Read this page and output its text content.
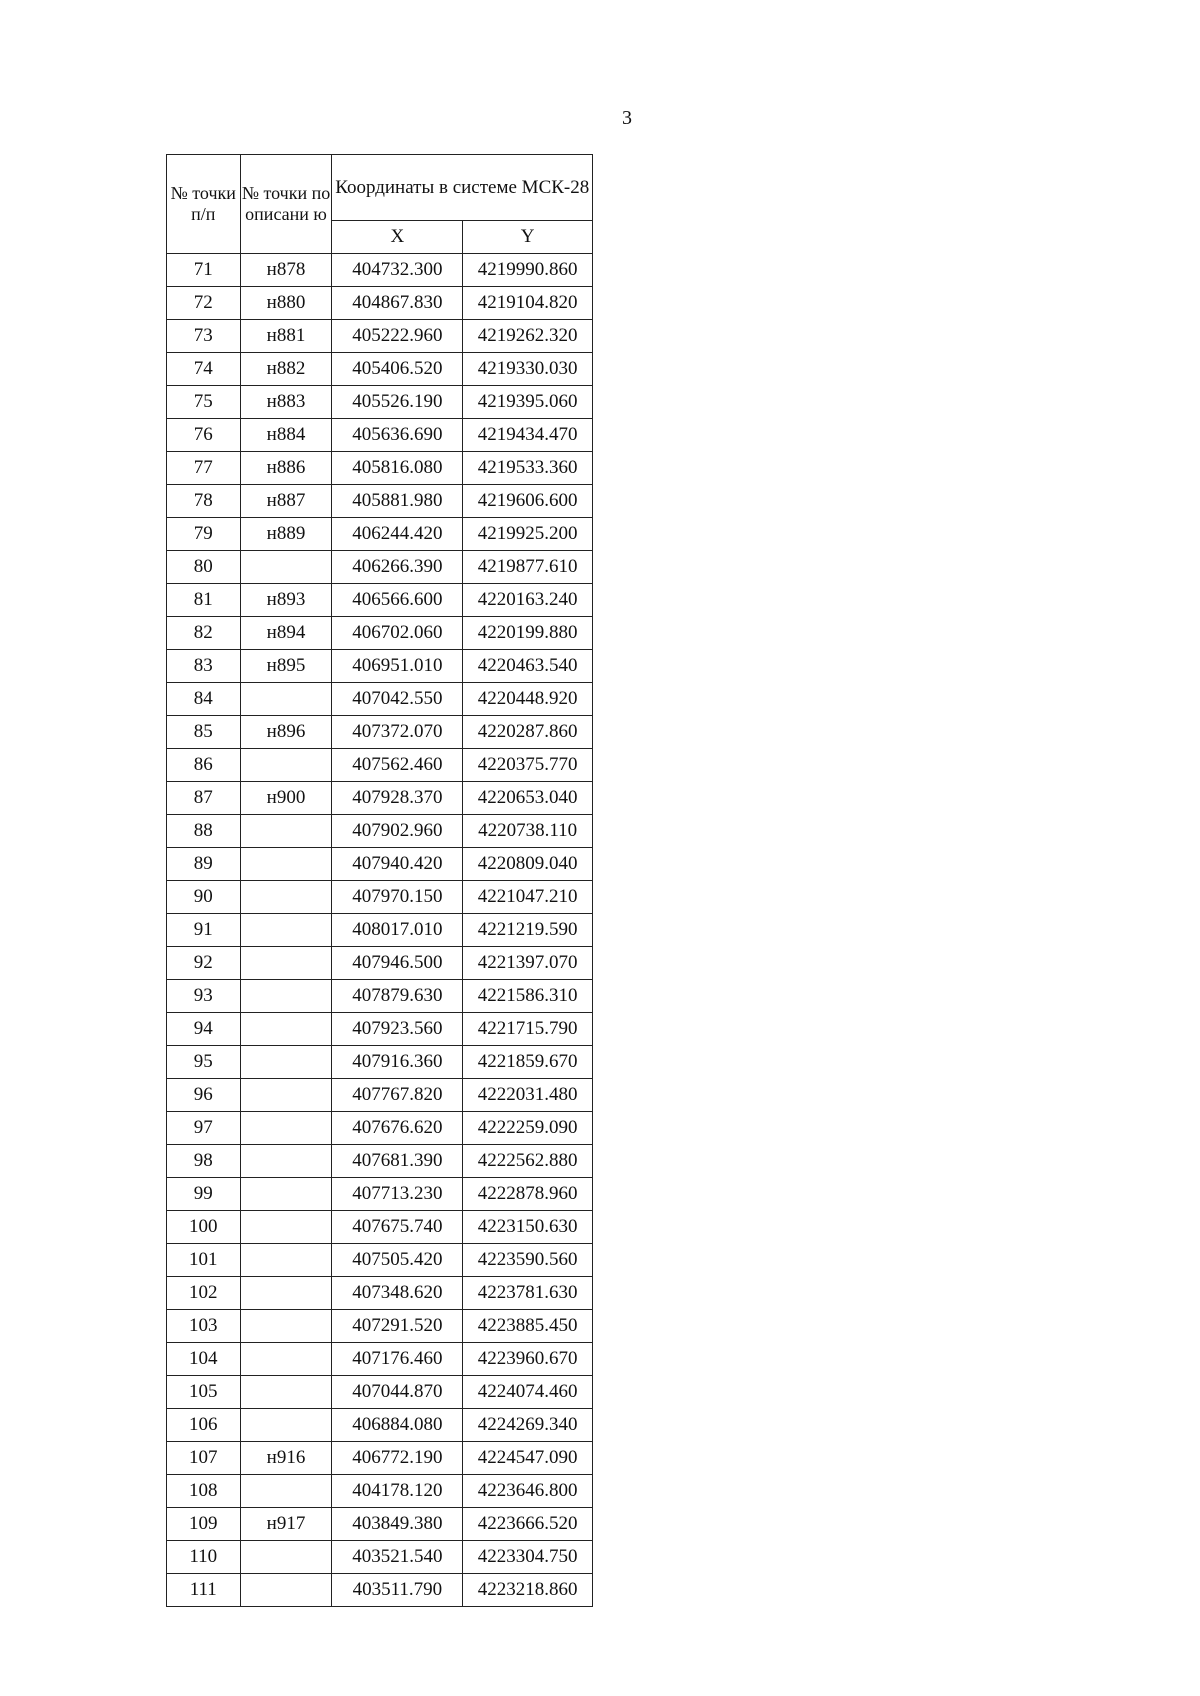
3
№ точки п/п	№ точки по описани ю	Координаты в системе МСК-28	
		X	Y
71	н878	404732.300	4219990.860
72	н880	404867.830	4219104.820
73	н881	405222.960	4219262.320
74	н882	405406.520	4219330.030
75	н883	405526.190	4219395.060
76	н884	405636.690	4219434.470
77	н886	405816.080	4219533.360
78	н887	405881.980	4219606.600
79	н889	406244.420	4219925.200
80		406266.390	4219877.610
81	н893	406566.600	4220163.240
82	н894	406702.060	4220199.880
83	н895	406951.010	4220463.540
84		407042.550	4220448.920
85	н896	407372.070	4220287.860
86		407562.460	4220375.770
87	н900	407928.370	4220653.040
88		407902.960	4220738.110
89		407940.420	4220809.040
90		407970.150	4221047.210
91		408017.010	4221219.590
92		407946.500	4221397.070
93		407879.630	4221586.310
94		407923.560	4221715.790
95		407916.360	4221859.670
96		407767.820	4222031.480
97		407676.620	4222259.090
98		407681.390	4222562.880
99		407713.230	4222878.960
100		407675.740	4223150.630
101		407505.420	4223590.560
102		407348.620	4223781.630
103		407291.520	4223885.450
104		407176.460	4223960.670
105		407044.870	4224074.460
106		406884.080	4224269.340
107	н916	406772.190	4224547.090
108		404178.120	4223646.800
109	н917	403849.380	4223666.520
110		403521.540	4223304.750
111		403511.790	4223218.860
